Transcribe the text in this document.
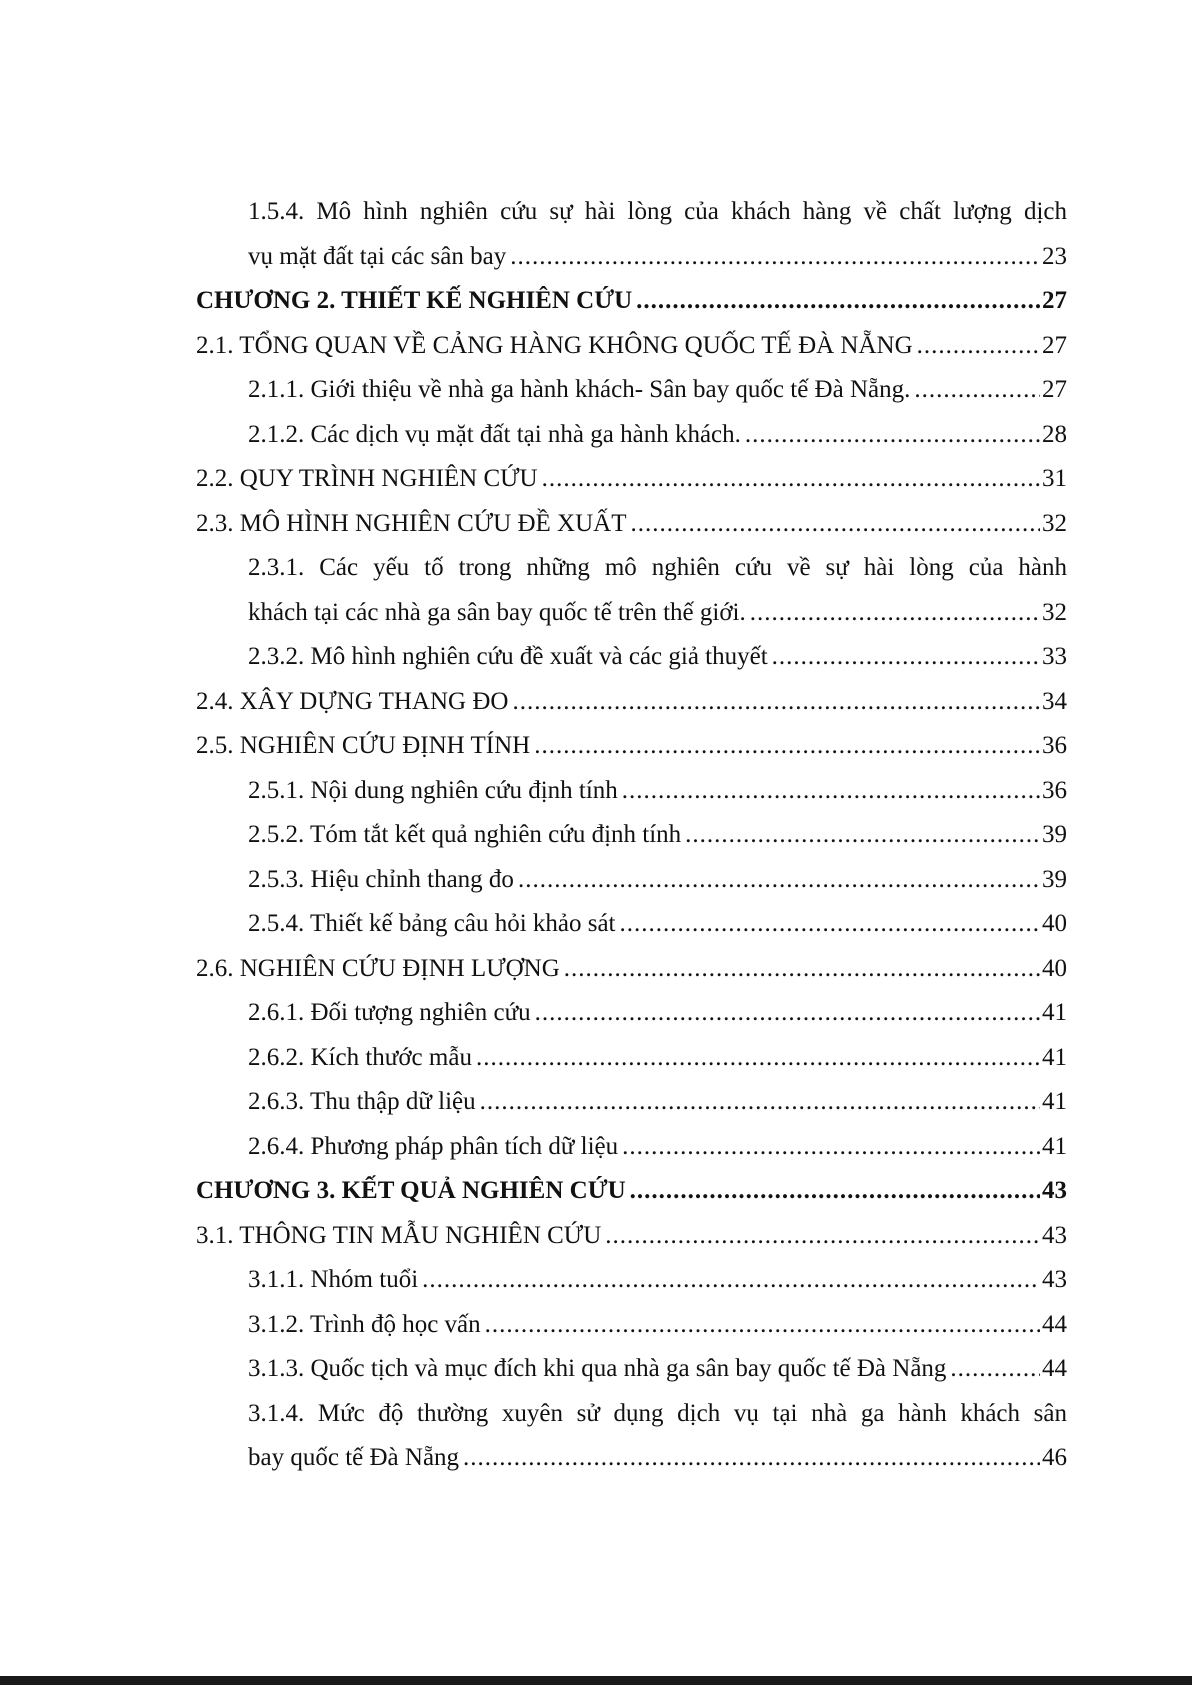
1.5.4. Mô hình nghiên cứu sự hài lòng của khách hàng về chất lượng dịch
vụ mặt đất tại các sân bay .....	23
CHƯƠNG 2. THIẾT KẾ NGHIÊN CỨU .....	27
2.1. TỔNG QUAN VỀ CẢNG HÀNG KHÔNG QUỐC TẾ ĐÀ NẴNG .....	27
2.1.1. Giới thiệu về nhà ga hành khách- Sân bay quốc tế Đà Nẵng. .....	27
2.1.2. Các dịch vụ mặt đất tại nhà ga hành khách. .....	28
2.2. QUY TRÌNH NGHIÊN CỨU .....	31
2.3. MÔ HÌNH NGHIÊN CỨU ĐỀ XUẤT .....	32
2.3.1. Các yếu tố trong những mô nghiên cứu về sự hài lòng của hành
khách tại các nhà ga sân bay quốc tế trên thế giới. .....	32
2.3.2. Mô hình nghiên cứu đề xuất và các giả thuyết .....	33
2.4. XÂY DỰNG THANG ĐO .....	34
2.5. NGHIÊN CỨU ĐỊNH TÍNH .....	36
2.5.1. Nội dung nghiên cứu định tính .....	36
2.5.2. Tóm tắt kết quả nghiên cứu định tính .....	39
2.5.3. Hiệu chỉnh thang đo .....	39
2.5.4. Thiết kế bảng câu hỏi khảo sát .....	40
2.6. NGHIÊN CỨU ĐỊNH LƯỢNG .....	40
2.6.1. Đối tượng nghiên cứu .....	41
2.6.2. Kích thước mẫu .....	41
2.6.3. Thu thập dữ liệu .....	41
2.6.4. Phương pháp phân tích dữ liệu .....	41
CHƯƠNG 3. KẾT QUẢ NGHIÊN CỨU .....	43
3.1. THÔNG TIN MẪU NGHIÊN CỨU .....	43
3.1.1. Nhóm tuổi .....	43
3.1.2. Trình độ học vấn .....	44
3.1.3. Quốc tịch và mục đích khi qua nhà ga sân bay quốc tế Đà Nẵng .....	44
3.1.4. Mức độ thường xuyên sử dụng dịch vụ tại nhà ga hành khách sân
bay quốc tế Đà Nẵng .....	46
